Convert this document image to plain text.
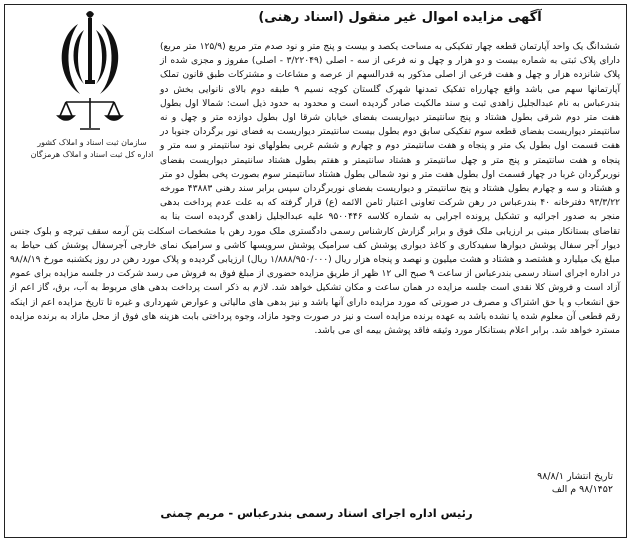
سازمان ثبت اسناد و املاک کشور
اداره کل ثبت اسناد و املاک هرمزگان
آگهی مزایده اموال غیر منقول (اسناد رهنی)
ششدانگ یک واحد آپارتمان قطعه چهار تفکیکی به مساحت یکصد و بیست و پنج متر و نود صدم متر مربع (۱۲۵/۹ متر مربع) دارای پلاک ثبتی به شماره بیست و دو هزار و چهل و نه فرعی از سه - اصلی (۳/۲۲۰۴۹ - اصلی) مفروز و مجزی شده از پلاک شانزده هزار و چهل و هفت فرعی از اصلی مذکور به قدرالسهم از عرصه و مشاعات و مشترکات طبق قانون تملک آپارتمانها سهم می باشد واقع چهارراه تفکیک تمدنها شهرک گلستان کوچه نسیم ۹ طبقه دوم بالای نانوایی بخش دو بندرعباس به نام عبدالجلیل زاهدی ثبت و سند مالکیت صادر گردیده است و محدود به حدود ذیل است: شمالا اول بطول هفت متر دوم شرقی بطول هشتاد و پنج سانتیمتر دیواریست بفضای خیابان شرقا اول بطول دوازده متر و چهل و نه سانتیمتر دیواریست بفضای قطعه سوم تفکیکی سابق دوم بطول بیست سانتیمتر دیواریست به فضای نور برگردان جنوبا در هفت قسمت اول بطول یک متر و پنجاه و هفت سانتیمتر دوم و چهارم و ششم غربی بطولهای نود سانتیمتر و سه متر و پنجاه و هفت سانتیمتر و پنج متر و چهل سانتیمتر و هشتاد سانتیمتر و هفتم بطول هشتاد سانتیمتر دیواریست بفضای نوربرگردان غربا در چهار قسمت اول بطول هفت متر و نود شمالی بطول هشتاد سانتیمتر سوم بصورت پخی بطول دو متر و هشتاد و سه و چهارم بطول هشتاد و پنج سانتیمتر و دیواریست بفضای نوربرگردان سپس برابر سند رهنی ۴۳۸۸۳ مورخه ۹۳/۳/۲۲ دفترخانه ۴۰ بندرعباس در رهن شرکت تعاونی اعتبار ثامن الائمه (ع) قرار گرفته که به علت عدم پرداخت بدهی منجر به صدور اجرائیه و تشکیل پرونده اجرایی به شماره کلاسه ۹۵۰۰۴۴۶ علیه عبدالجلیل زاهدی گردیده است بنا به تقاضای بستانکار مبنی بر ارزیابی ملک فوق و برابر گزارش کارشناس رسمی دادگستری ملک مورد رهن با مشخصات اسکلت بتن آرمه سقف تیرچه و بلوک جنس دیوار آجر سفال پوشش دیوارها سفیدکاری و کاغذ دیواری پوشش کف سرامیک پوشش سرویسها کاشی و سرامیک نمای خارجی آجرسفال پوشش کف حیاط به مبلغ یک میلیارد و هشتصد و هشتاد و هشت میلیون و نهصد و پنجاه هزار ریال (۱/۸۸۸/۹۵۰/۰۰۰ ریال) ارزیابی گردیده و پلاک مورد رهن در روز یکشنبه مورخ ۹۸/۸/۱۹ در اداره اجرای اسناد رسمی بندرعباس از ساعت ۹ صبح الی ۱۲ ظهر از طریق مزایده حضوری از مبلغ فوق به فروش می رسد شرکت در جلسه مزایده برای عموم آزاد است و فروش کلا نقدی است جلسه مزایده در همان ساعت و مکان تشکیل خواهد شد. لازم به ذکر است پرداخت بدهی های مربوط به آب، برق، گاز اعم از حق انشعاب و یا حق اشتراک و مصرف در صورتی که مورد مزایده دارای آنها باشد و نیز بدهی های مالیاتی و عوارض شهرداری و غیره تا تاریخ مزایده اعم از اینکه رقم قطعی آن معلوم شده یا نشده باشد به عهده برنده مزایده است و نیز در صورت وجود مازاد، وجوه پرداختی بابت هزینه های فوق از محل مازاد به برنده مزایده مسترد خواهد شد. برابر اعلام بستانکار مورد وثیقه فاقد پوشش بیمه ای می باشد.
تاریخ انتشار ۹۸/۸/۱
۹۸/۱۴۵۲ م الف
رئیس اداره اجرای اسناد رسمی بندرعباس - مریم چمنی
